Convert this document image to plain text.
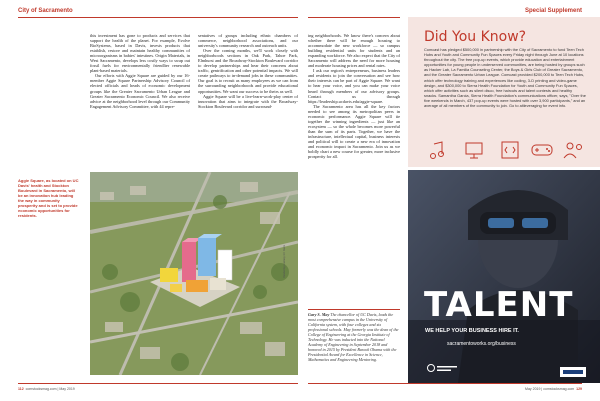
City of Sacramento	Special Supplement

this investment has gone to products and services that support the health of the planet. For example, Evolve BioSystems, based in Davis, invests products that establish, restore and maintain healthy communities of microorganisms in babies' intestines. Origin Materials, in West Sacramento, develops less costly ways to swap out fossil fuels for environmentally friendlier renewable plant-based materials.

Our efforts with Aggie Square are guided by our 16-member Aggie Square Partnership Advisory Council of elected officials and heads of economic development groups like the Greater Sacramento Urban League and Greater Sacramento Economic Council. We also receive advice at the neighborhood level through our Community Engagement Advisory Committee, with 44 repre-

sentatives of groups including ethnic chambers of commerce, neighborhood associations, and our university's community research and outreach units.

Over the coming months, we'll work closely with neighborhoods sections in Oak Park, Tahoe Park, Elmhurst and the Broadway-Stockton Boulevard corridor to develop partnerships and hear their concerns about traffic, gentrification and other potential impacts. We will create pathways to in-demand jobs in these communities. Our goal is to recruit as many employees as we can from the surrounding neighborhoods and provide educational opportunities. We want our success to be theirs as well.

Aggie Square will be a live-learn-work-play center of innovation that aims to integrate with the Broadway-Stockton Boulevard corridor and surround-

ing neighborhoods. We know there's concern about whether there will be enough housing to accommodate the new workforce — so campus building residential units for students and an expanding workforce. We also expect that the City of Sacramento will address the need for more housing and moderate housing prices and rental rates.

I ask our region's entrepreneurs, business leaders and residents to join the conversation and see how their interests can be part of Aggie Square. We want to hear your voice, and you can make your voice heard through members of our advisory groups. Contact us through https://leadership.ucdavis.edu/aggie-square.

The Sacramento area has all the key factors needed to see among its metropolitan peers in economic performance. Aggie Square will tie together the winning ingredients — just like an ecosystem — so the whole becomes more powerful than the sum of its parts. Together, we have the infrastructure, intellectual capital, business interests and political will to create a new era of innovation and economic impact in Sacramento. Join us as we boldly chart a new course for greater, more inclusive prosperity for all.

Aggie Square, as located on UC Davis' health and Stockton Boulevard in Sacramento, will be an innovation hub leading the way in community prosperity and is set to provide economic opportunities for residents.
Rendering courtesy UC Davis
Gary S. May The chancellor of UC Davis, leads the most comprehensive campus in the University of California system, with four colleges and six professional schools. May formerly was the dean of the College of Engineering at the Georgia Institute of Technology. He was inducted into the National Academy of Engineering in September 2018 and honored in 2015 by President Barack Obama with the Presidential Award for Excellence in Science, Mathematics and Engineering Mentoring.
Did You Know?
Comcast has pledged $500,000 in partnership with the City of Sacramento to fund Teen Tech Hubs and Youth and Community Fun Spaces every Friday night through June at 10 locations throughout the city. The free pop-up events, which provide education and entertainment opportunities for young people in underserved communities, are being hosted by groups such as Hacker Lab, La Familia Counseling Center, the Boys & Girls Club of Greater Sacramento, and the Greater Sacramento Urban League. Comcast provided $200,000 to Teen Tech Hubs, which offer technology training and experiences like coding, 3-D printing and video-game design, and $300,000 to Sierra Health Foundation for Youth and Community Fun Spaces, which offer activities such as silent disco, free haircuts and talent contests and healthy snacks. Samantha Garcia, Sierra Health Foundation's communications officer, says, "Over the five weekends in March, 437 pop-up events were hosted with over 3,900 participants," and an average of all members of the community to join. Go to altleveraging for event info.
TALENT
WE HELP YOUR BUSINESS HIRE IT.
sacramentoworks.org/business
112 comstocksmag.com | May 2019	May 2019 | comstocksmag.com 129
